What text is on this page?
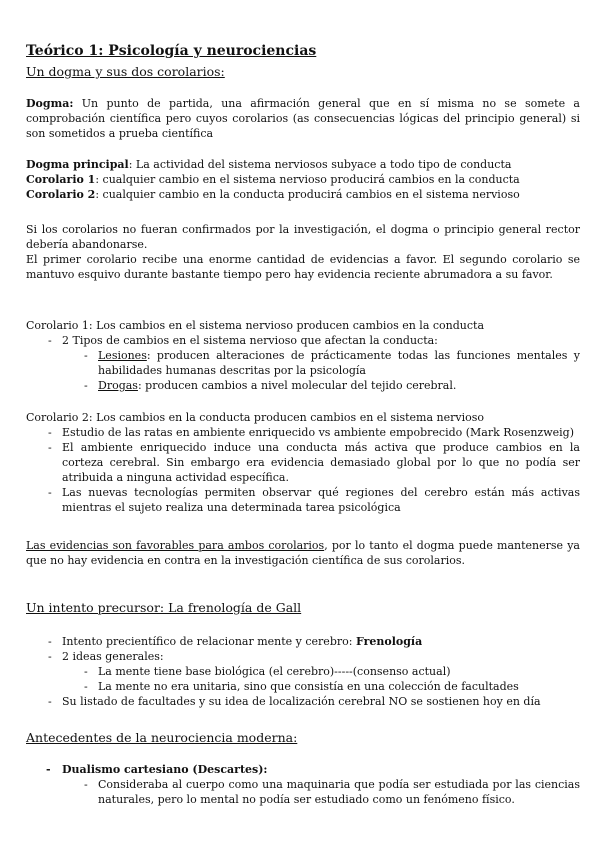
Teórico 1: Psicología y neurociencias

Un dogma y sus dos corolarios:

Dogma: Un punto de partida, una afirmación general que en sí misma no se somete a comprobación científica pero cuyos corolarios (as consecuencias lógicas del principio general) si son sometidos a prueba científica

Dogma principal: La actividad del sistema nerviosos subyace a todo tipo de conducta

Corolario 1: cualquier cambio en el sistema nervioso producirá cambios en la conducta

Corolario 2: cualquier cambio en la conducta producirá cambios en el sistema nervioso

Si los corolarios no fueran confirmados por la investigación, el dogma o principio general rector debería abandonarse.

El primer corolario recibe una enorme cantidad de evidencias a favor. El segundo corolario se mantuvo esquivo durante bastante tiempo pero hay evidencia reciente abrumadora a su favor.

Corolario 1: Los cambios en el sistema nervioso producen cambios en la conducta

- 2 Tipos de cambios en el sistema nervioso que afectan la conducta:

- Lesiones: producen alteraciones de prácticamente todas las funciones mentales y habilidades humanas descritas por la psicología

- Drogas: producen cambios a nivel molecular del tejido cerebral.

Corolario 2: Los cambios en la conducta producen cambios en el sistema nervioso

- Estudio de las ratas en ambiente enriquecido vs ambiente empobrecido (Mark Rosenzweig)

- El ambiente enriquecido induce una conducta más activa que produce cambios en la corteza cerebral. Sin embargo era evidencia demasiado global por lo que no podía ser atribuida a ninguna actividad específica.

- Las nuevas tecnologías permiten observar qué regiones del cerebro están más activas mientras el sujeto realiza una determinada tarea psicológica

Las evidencias son favorables para ambos corolarios, por lo tanto el dogma puede mantenerse ya que no hay evidencia en contra en la investigación científica de sus corolarios.

Un intento precursor: La frenología de Gall

- Intento precientífico de relacionar mente y cerebro: Frenología

- 2 ideas generales:

- La mente tiene base biológica (el cerebro)-----(consenso actual)

- La mente no era unitaria, sino que consistía en una colección de facultades

- Su listado de facultades y su idea de localización cerebral NO se sostienen hoy en día

Antecedentes de la neurociencia moderna:

- Dualismo cartesiano (Descartes):

- Consideraba al cuerpo como una maquinaria que podía ser estudiada por las ciencias naturales, pero lo mental no podía ser estudiado como un fenómeno físico.
